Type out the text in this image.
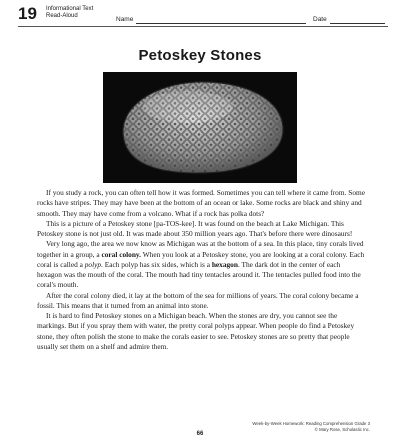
19 Informational Text
Read-Aloud	Name	Date
Petoskey Stones

If you study a rock, you can often tell how it was formed. Sometimes you can tell where it came from. Some rocks have stripes. They may have been at the bottom of an ocean or lake. Some rocks are black and shiny and smooth. They may have come from a volcano. What if a rock has polka dots?

This is a picture of a Petoskey stone [pa-TOS-kee]. It was found on the beach at Lake Michigan. This Petoskey stone is not just old. It was made about 350 million years ago. That's before there were dinosaurs!

Very long ago, the area we now know as Michigan was at the bottom of a sea. In this place, tiny corals lived together in a group, a coral colony. When you look at a Petoskey stone, you are looking at a coral colony. Each coral is called a polyp. Each polyp has six sides, which is a hexagon. The dark dot in the center of each hexagon was the mouth of the coral. The mouth had tiny tentacles around it. The tentacles pulled food into the coral's mouth.

After the coral colony died, it lay at the bottom of the sea for millions of years. The coral colony became a fossil. This means that it turned from an animal into stone.

It is hard to find Petoskey stones on a Michigan beach. When the stones are dry, you cannot see the markings. But if you spray them with water, the pretty coral polyps appear. When people do find a Petoskey stone, they often polish the stone to make the corals easier to see. Petoskey stones are so pretty that people usually set them on a shelf and admire them.

Week-by-Week Homework: Reading Comprehension Grade 3
© Mary Rose, Scholastic Inc.
66
